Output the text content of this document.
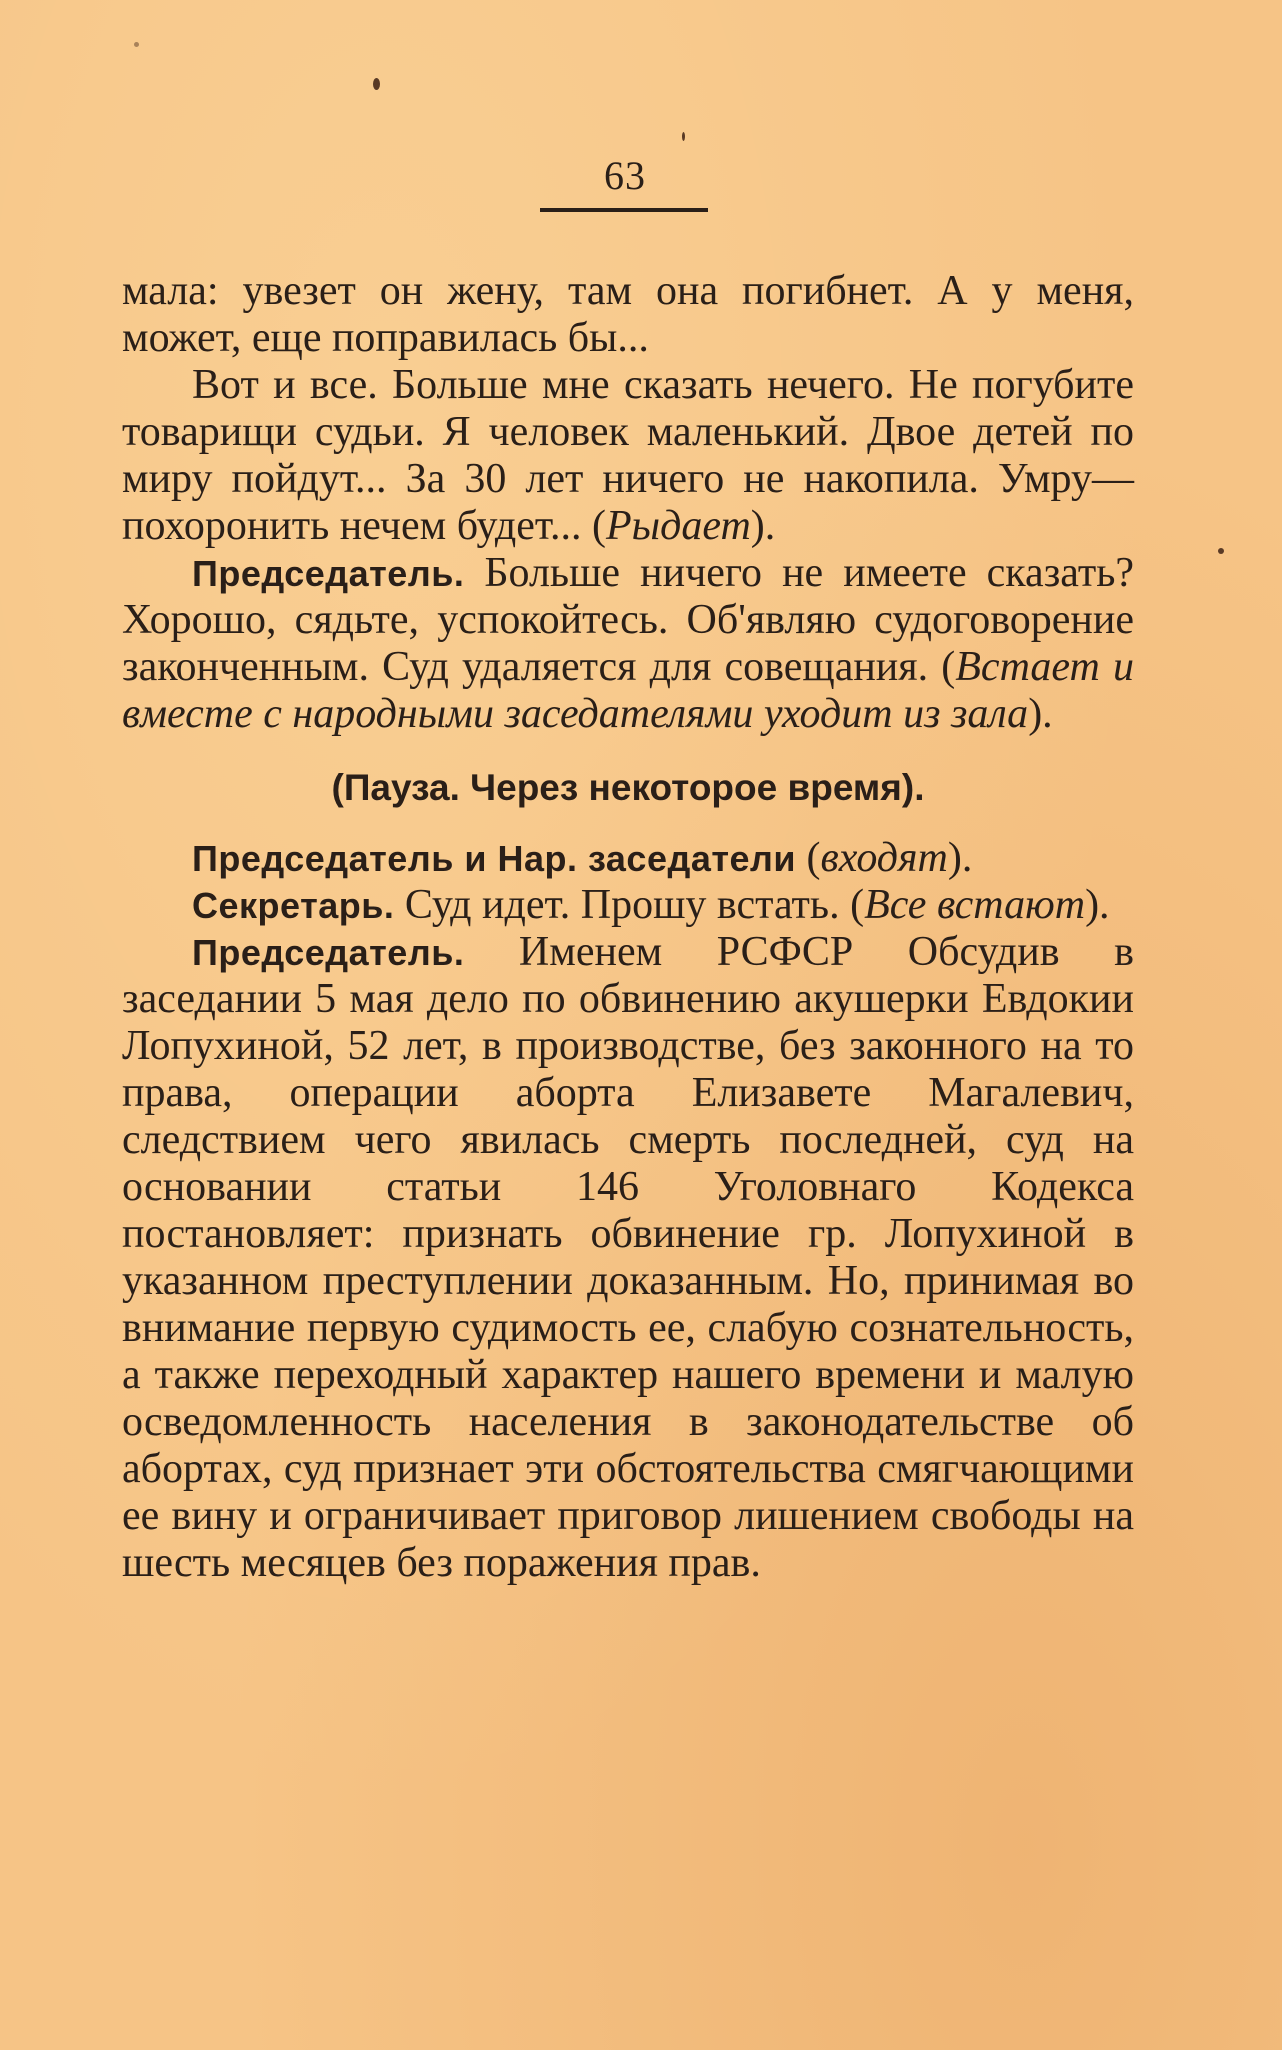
63

мала: увезет он жену, там она погибнет. А у меня, может, еще поправилась бы...

Вот и все. Больше мне сказать нечего. Не погубите товарищи судьи. Я человек маленький. Двое детей по миру пойдут... За 30 лет ничего не накопила. Умру—похоронить нечем будет... (Рыдает).

Председатель. Больше ничего не имеете сказать? Хорошо, сядьте, успокойтесь. Об'являю судоговорение законченным. Суд удаляется для совещания. (Встает и вместе с народными заседателями уходит из зала).

(Пауза. Через некоторое время).

Председатель и Нар. заседатели (входят).

Секретарь. Суд идет. Прошу встать. (Все встают).

Председатель. Именем РСФСР Обсудив в заседании 5 мая дело по обвинению акушерки Евдокии Лопухиной, 52 лет, в производстве, без законного на то права, операции аборта Елизавете Магалевич, следствием чего явилась смерть последней, суд на основании статьи 146 Уголовнаго Кодекса постановляет: признать обвинение гр. Лопухиной в указанном преступлении доказанным. Но, принимая во внимание первую судимость ее, слабую сознательность, а также переходный характер нашего времени и малую осведомленность населения в законодательстве об абортах, суд признает эти обстоятельства смягчающими ее вину и ограничивает приговор лишением свободы на шесть месяцев без поражения прав.
